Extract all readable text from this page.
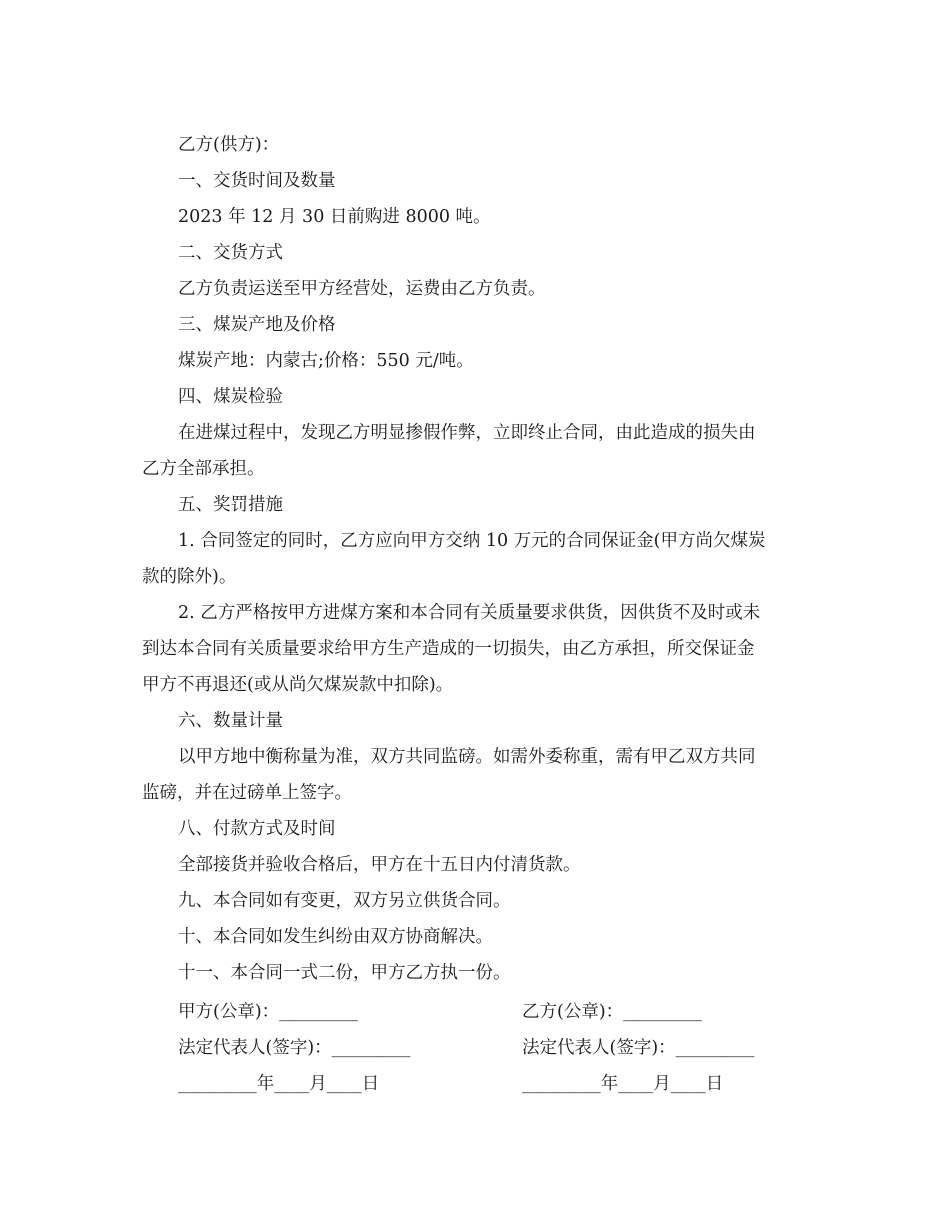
乙方(供方)：
一、交货时间及数量
2023 年 12 月 30 日前购进 8000 吨。
二、交货方式
乙方负责运送至甲方经营处，运费由乙方负责。
三、煤炭产地及价格
煤炭产地：内蒙古;价格：550 元/吨。
四、煤炭检验
在进煤过程中，发现乙方明显掺假作弊，立即终止合同，由此造成的损失由
乙方全部承担。
五、奖罚措施
1. 合同签定的同时，乙方应向甲方交纳 10 万元的合同保证金(甲方尚欠煤炭
款的除外)。
2. 乙方严格按甲方进煤方案和本合同有关质量要求供货，因供货不及时或未
到达本合同有关质量要求给甲方生产造成的一切损失，由乙方承担，所交保证金
甲方不再退还(或从尚欠煤炭款中扣除)。
六、数量计量
以甲方地中衡称量为准，双方共同监磅。如需外委称重，需有甲乙双方共同
监磅，并在过磅单上签字。
八、付款方式及时间
全部接货并验收合格后，甲方在十五日内付清货款。
九、本合同如有变更，双方另立供货合同。
十、本合同如发生纠纷由双方协商解决。
十一、本合同一式二份，甲方乙方执一份。
甲方(公章)：_________	乙方(公章)：_________
法定代表人(签字)：_________	法定代表人(签字)：_________
_________年____月____日	_________年____月____日
